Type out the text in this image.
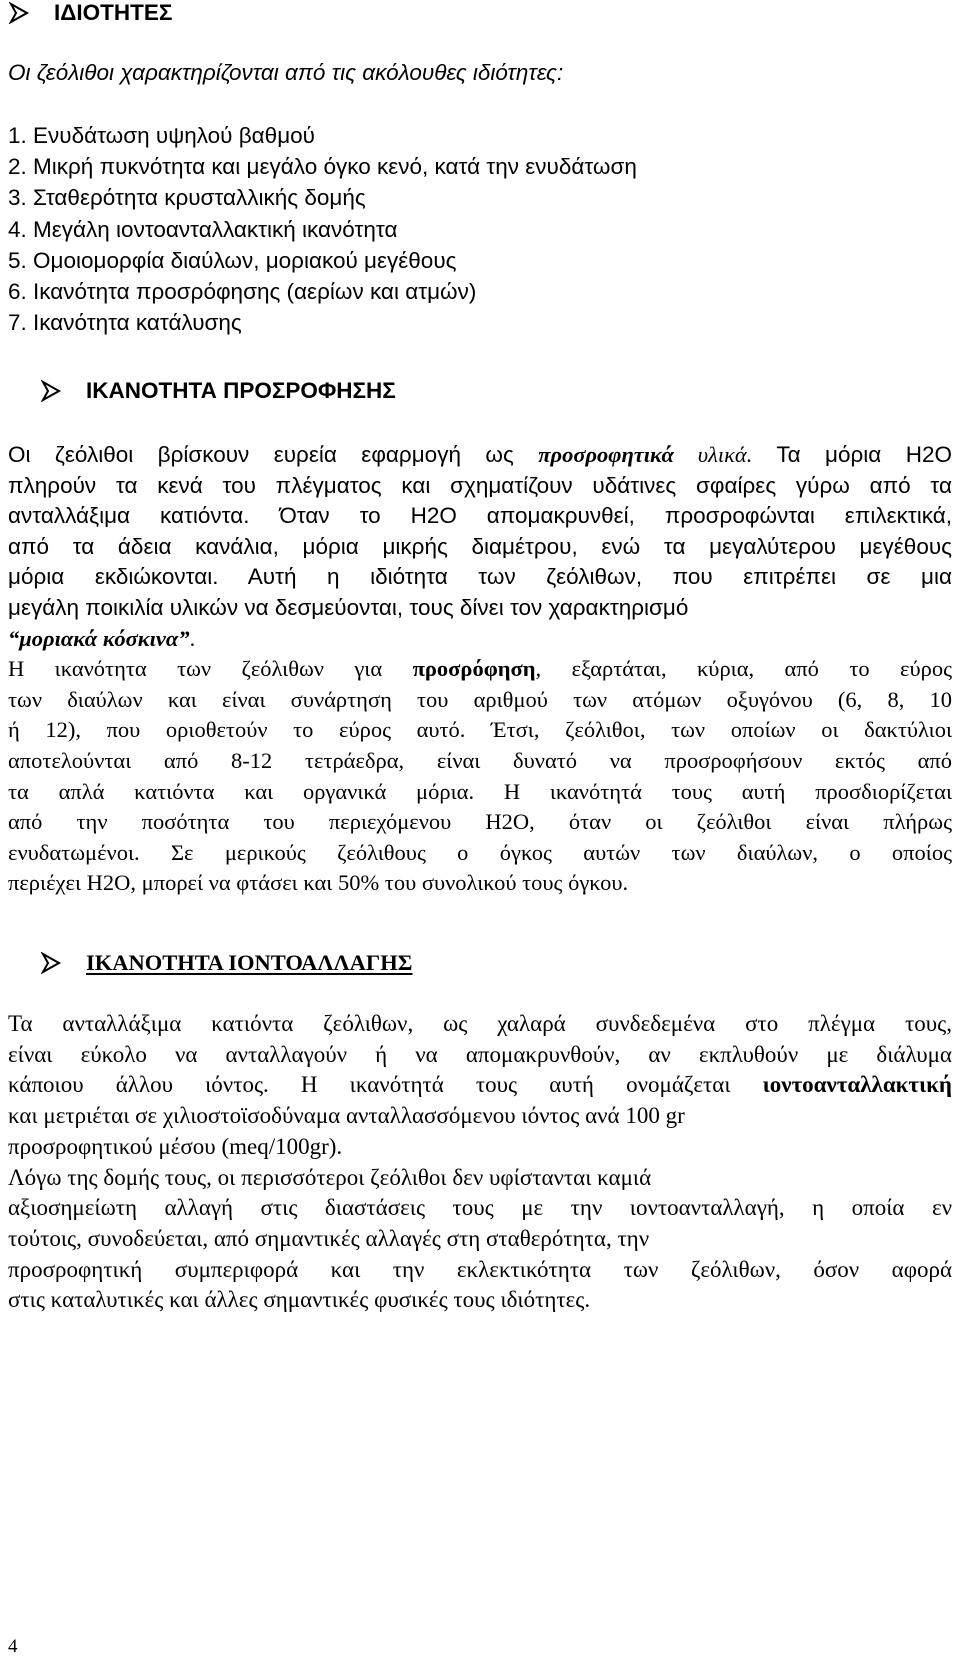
ΙΔΙΟΤΗΤΕΣ
Οι ζεόλιθοι χαρακτηρίζονται από τις ακόλουθες ιδιότητες:
1. Ενυδάτωση υψηλού βαθμού
2. Μικρή πυκνότητα και μεγάλο όγκο κενό, κατά την ενυδάτωση
3. Σταθερότητα κρυσταλλικής δομής
4. Μεγάλη ιοντοανταλλακτική ικανότητα
5. Ομοιομορφία διαύλων, μοριακού μεγέθους
6. Ικανότητα προσρόφησης (αερίων και ατμών)
7. Ικανότητα κατάλυσης
ΙΚΑΝΟΤΗΤΑ ΠΡΟΣΡΟΦΗΣΗΣ
Οι ζεόλιθοι βρίσκουν ευρεία εφαρμογή ως προσροφητικά υλικά. Τα μόρια H2O
πληρούν τα κενά του πλέγματος και σχηματίζουν υδάτινες σφαίρες γύρω από τα
ανταλλάξιμα κατιόντα. Όταν το H2O απομακρυνθεί, προσροφώνται επιλεκτικά,
από τα άδεια κανάλια, μόρια μικρής διαμέτρου, ενώ τα μεγαλύτερου μεγέθους
μόρια εκδιώκονται. Αυτή η ιδιότητα των ζεόλιθων, που επιτρέπει σε μια
μεγάλη ποικιλία υλικών να δεσμεύονται, τους δίνει τον χαρακτηρισμό
“μοριακά κόσκινα”.
Η ικανότητα των ζεόλιθων για προσρόφηση, εξαρτάται, κύρια, από το εύρος
των διαύλων και είναι συνάρτηση του αριθμού των ατόμων οξυγόνου (6, 8, 10
ή 12), που οριοθετούν το εύρος αυτό. Έτσι, ζεόλιθοι, των οποίων οι δακτύλιοι
αποτελούνται από 8-12 τετράεδρα, είναι δυνατό να προσροφήσουν εκτός από
τα απλά κατιόντα και οργανικά μόρια. Η ικανότητά τους αυτή προσδιορίζεται
από την ποσότητα του περιεχόμενου H2O, όταν οι ζεόλιθοι είναι πλήρως
ενυδατωμένοι. Σε μερικούς ζεόλιθους ο όγκος αυτών των διαύλων, ο οποίος
περιέχει H2O, μπορεί να φτάσει και 50% του συνολικού τους όγκου.
ΙΚΑΝΟΤΗΤΑ ΙΟΝΤΟΑΛΛΑΓΗΣ
Τα ανταλλάξιμα κατιόντα ζεόλιθων, ως χαλαρά συνδεδεμένα στο πλέγμα τους,
είναι εύκολο να ανταλλαγούν ή να απομακρυνθούν, αν εκπλυθούν με διάλυμα
κάποιου άλλου ιόντος. Η ικανότητά τους αυτή ονομάζεται ιοντοανταλλακτική
και μετριέται σε χιλιοστοϊσοδύναμα ανταλλασσόμενου ιόντος ανά 100 gr
προσροφητικού μέσου (meq/100gr).
Λόγω της δομής τους, οι περισσότεροι ζεόλιθοι δεν υφίστανται καμιά
αξιοσημείωτη αλλαγή στις διαστάσεις τους με την ιοντοανταλλαγή, η οποία εν
τούτοις, συνοδεύεται, από σημαντικές αλλαγές στη σταθερότητα, την
προσροφητική συμπεριφορά και την εκλεκτικότητα των ζεόλιθων, όσον αφορά
στις καταλυτικές και άλλες σημαντικές φυσικές τους ιδιότητες.
4
